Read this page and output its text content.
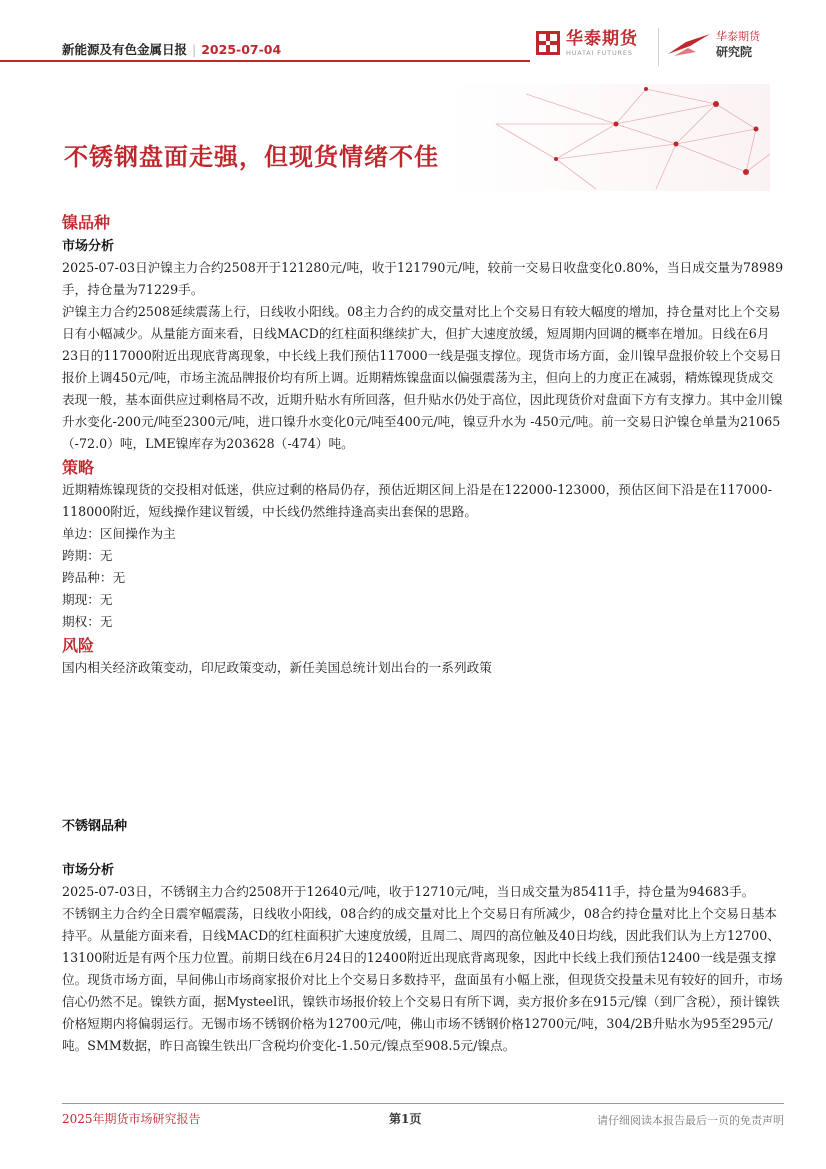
新能源及有色金属日报 | 2025-07-04
华泰期货
HUATAI FUTURES
华泰期货
研究院
不锈钢盘面走强，但现货情绪不佳
镍品种
市场分析

2025-07-03日沪镍主力合约2508开于121280元/吨，收于121790元/吨，较前一交易日收盘变化0.80%，当日成交量为78989手，持仓量为71229手。

沪镍主力合约2508延续震荡上行，日线收小阳线。08主力合约的成交量对比上个交易日有较大幅度的增加，持仓量对比上个交易日有小幅减少。从量能方面来看，日线MACD的红柱面积继续扩大，但扩大速度放缓，短周期内回调的概率在增加。日线在6月23日的117000附近出现底背离现象，中长线上我们预估117000一线是强支撑位。现货市场方面，金川镍早盘报价较上个交易日报价上调450元/吨，市场主流品牌报价均有所上调。近期精炼镍盘面以偏强震荡为主，但向上的力度正在减弱，精炼镍现货成交表现一般，基本面供应过剩格局不改，近期升贴水有所回落，但升贴水仍处于高位，因此现货价对盘面下方有支撑力。其中金川镍升水变化-200元/吨至2300元/吨，进口镍升水变化0元/吨至400元/吨，镍豆升水为 -450元/吨。前一交易日沪镍仓单量为21065（-72.0）吨，LME镍库存为203628（-474）吨。

策略

近期精炼镍现货的交投相对低迷，供应过剩的格局仍存，预估近期区间上沿是在122000-123000，预估区间下沿是在117000-118000附近，短线操作建议暂缓，中长线仍然维持逢高卖出套保的思路。

单边：区间操作为主

跨期：无

跨品种：无

期现：无

期权：无

风险

国内相关经济政策变动，印尼政策变动，新任美国总统计划出台的一系列政策

不锈钢品种
市场分析

2025-07-03日，不锈钢主力合约2508开于12640元/吨，收于12710元/吨，当日成交量为85411手，持仓量为94683手。

不锈钢主力合约全日震窄幅震荡，日线收小阳线，08合约的成交量对比上个交易日有所减少，08合约持仓量对比上个交易日基本持平。从量能方面来看，日线MACD的红柱面积扩大速度放缓，且周二、周四的高位触及40日均线，因此我们认为上方12700、13100附近是有两个压力位置。前期日线在6月24日的12400附近出现底背离现象，因此中长线上我们预估12400一线是强支撑位。现货市场方面，早间佛山市场商家报价对比上个交易日多数持平，盘面虽有小幅上涨，但现货交投量未见有较好的回升，市场信心仍然不足。镍铁方面，据Mysteel讯，镍铁市场报价较上个交易日有所下调，卖方报价多在915元/镍（到厂含税），预计镍铁价格短期内将偏弱运行。无锡市场不锈钢价格为12700元/吨，佛山市场不锈钢价格12700元/吨，304/2B升贴水为95至295元/吨。SMM数据，昨日高镍生铁出厂含税均价变化-1.50元/镍点至908.5元/镍点。

2025年期货市场研究报告	第1页	请仔细阅读本报告最后一页的免责声明
